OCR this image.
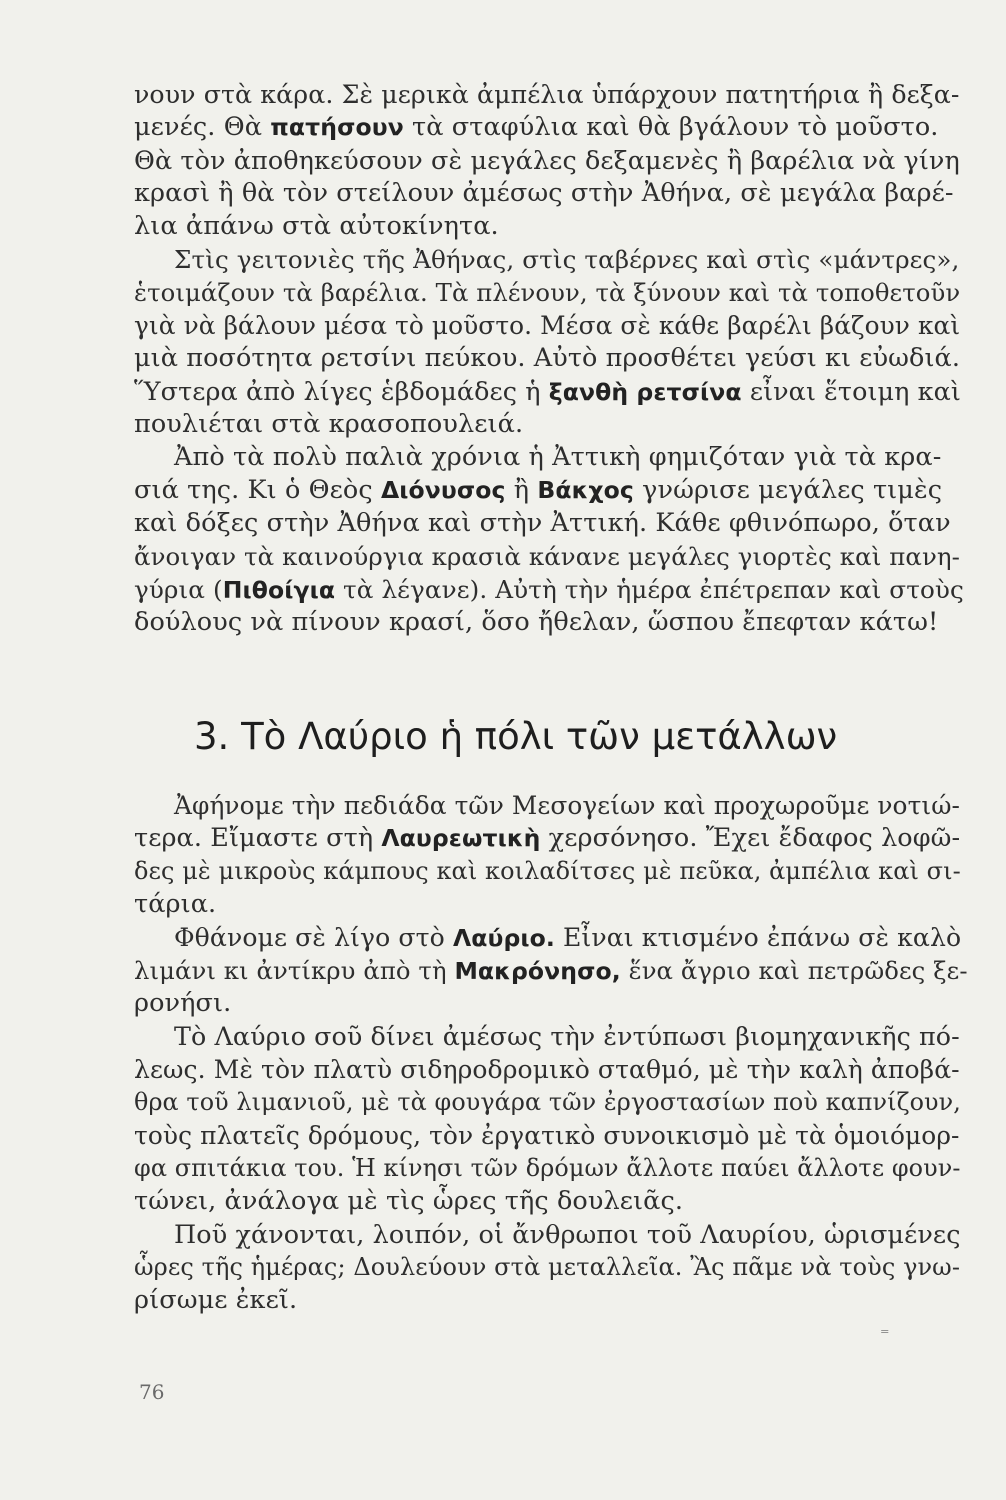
νουν στὰ κάρα. Σὲ μερικὰ ἀμπέλια ὑπάρχουν πατητήρια ἢ δεξα-
μενές. Θὰ πατήσουν τὰ σταφύλια καὶ θὰ βγάλουν τὸ μοῦστο.
Θὰ τὸν ἀποθηκεύσουν σὲ μεγάλες δεξαμενὲς ἢ βαρέλια νὰ γίνη
κρασὶ ἢ θὰ τὸν στείλουν ἀμέσως στὴν Ἀθήνα, σὲ μεγάλα βαρέ-
λια ἀπάνω στὰ αὐτοκίνητα.
Στὶς γειτονιὲς τῆς Ἀθήνας, στὶς ταβέρνες καὶ στὶς «μάντρες»,
ἑτοιμάζουν τὰ βαρέλια. Τὰ πλένουν, τὰ ξύνουν καὶ τὰ τοποθετοῦν
γιὰ νὰ βάλουν μέσα τὸ μοῦστο. Μέσα σὲ κάθε βαρέλι βάζουν καὶ
μιὰ ποσότητα ρετσίνι πεύκου. Αὐτὸ προσθέτει γεύσι κι εὐωδιά.
Ὕστερα ἀπὸ λίγες ἑβδομάδες ἡ ξανθὴ ρετσίνα εἶναι ἕτοιμη καὶ
πουλιέται στὰ κρασοπουλειά.
Ἀπὸ τὰ πολὺ παλιὰ χρόνια ἡ Ἀττικὴ φημιζόταν γιὰ τὰ κρα-
σιά της. Κι ὁ Θεὸς Διόνυσος ἢ Βάκχος γνώρισε μεγάλες τιμὲς
καὶ δόξες στὴν Ἀθήνα καὶ στὴν Ἀττική. Κάθε φθινόπωρο, ὅταν
ἄνοιγαν τὰ καινούργια κρασιὰ κάνανε μεγάλες γιορτὲς καὶ πανη-
γύρια (Πιθοίγια τὰ λέγανε). Αὐτὴ τὴν ἡμέρα ἐπέτρεπαν καὶ στοὺς
δούλους νὰ πίνουν κρασί, ὅσο ἤθελαν, ὥσπου ἔπεφταν κάτω!
3. Τὸ Λαύριο ἡ πόλι τῶν μετάλλων
Ἀφήνομε τὴν πεδιάδα τῶν Μεσογείων καὶ προχωροῦμε νοτιώ-
τερα. Εἴμαστε στὴ Λαυρεωτικὴ χερσόνησο. Ἔχει ἔδαφος λοφῶ-
δες μὲ μικροὺς κάμπους καὶ κοιλαδίτσες μὲ πεῦκα, ἀμπέλια καὶ σι-
τάρια.
Φθάνομε σὲ λίγο στὸ Λαύριο. Εἶναι κτισμένο ἐπάνω σὲ καλὸ
λιμάνι κι ἀντίκρυ ἀπὸ τὴ Μακρόνησο, ἕνα ἄγριο καὶ πετρῶδες ξε-
ρονήσι.
Τὸ Λαύριο σοῦ δίνει ἀμέσως τὴν ἐντύπωσι βιομηχανικῆς πό-
λεως. Μὲ τὸν πλατὺ σιδηροδρομικὸ σταθμό, μὲ τὴν καλὴ ἀποβά-
θρα τοῦ λιμανιοῦ, μὲ τὰ φουγάρα τῶν ἐργοστασίων ποὺ καπνίζουν,
τοὺς πλατεῖς δρόμους, τὸν ἐργατικὸ συνοικισμὸ μὲ τὰ ὁμοιόμορ-
φα σπιτάκια του. Ἡ κίνησι τῶν δρόμων ἄλλοτε παύει ἄλλοτε φουν-
τώνει, ἀνάλογα μὲ τὶς ὧρες τῆς δουλειᾶς.
Ποῦ χάνονται, λοιπόν, οἱ ἄνθρωποι τοῦ Λαυρίου, ὡρισμένες
ὧρες τῆς ἡμέρας; Δουλεύουν στὰ μεταλλεῖα. Ἂς πᾶμε νὰ τοὺς γνω-
ρίσωμε ἐκεῖ.
⁼
76
